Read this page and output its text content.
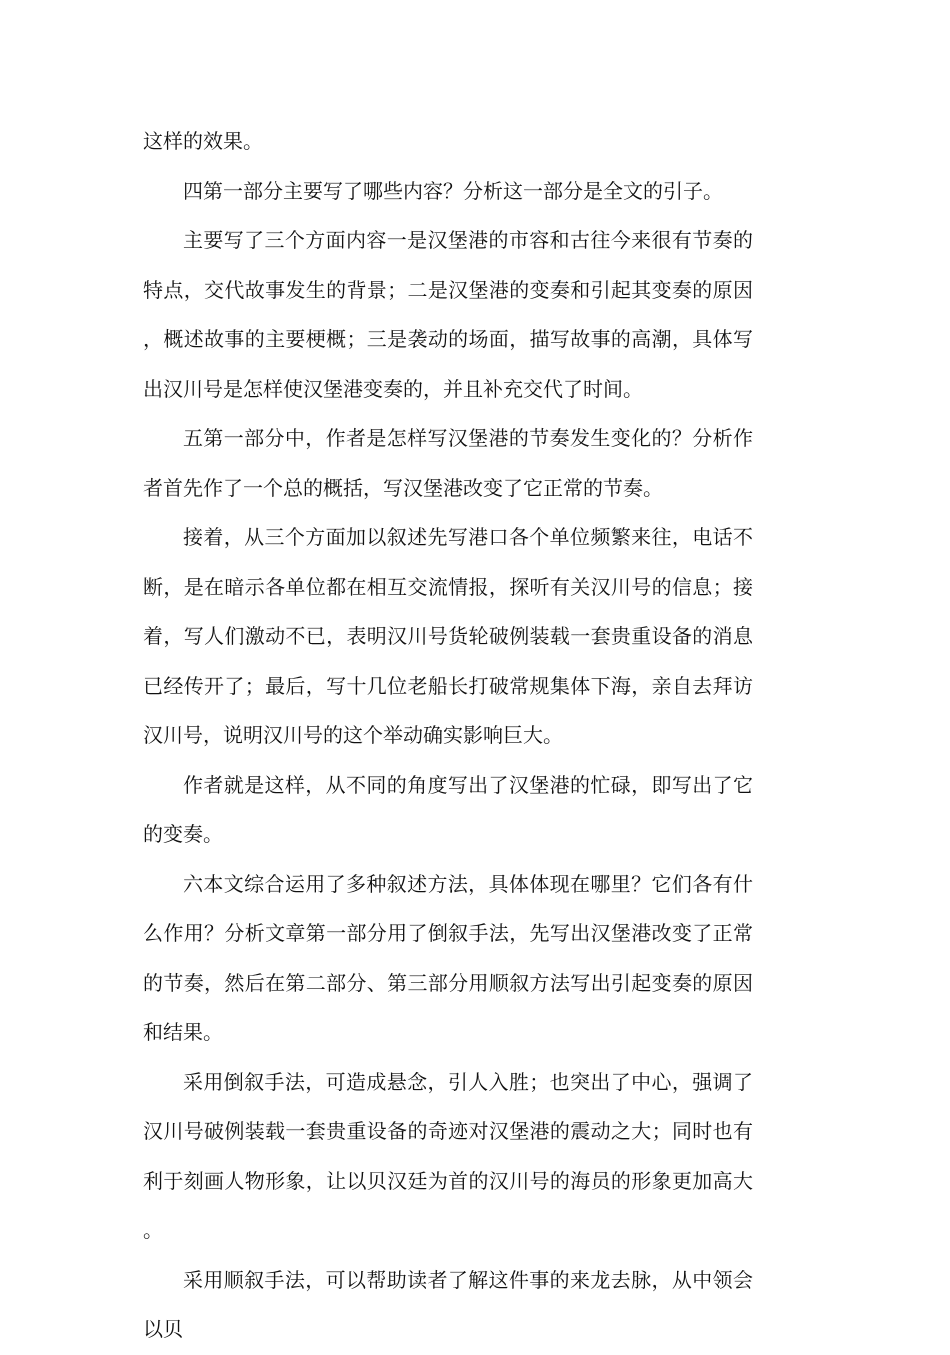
这样的效果。

四第一部分主要写了哪些内容？分析这一部分是全文的引子。

主要写了三个方面内容一是汉堡港的市容和古往今来很有节奏的特点，交代故事发生的背景；二是汉堡港的变奏和引起其变奏的原因，概述故事的主要梗概；三是袭动的场面，描写故事的高潮，具体写出汉川号是怎样使汉堡港变奏的，并且补充交代了时间。

五第一部分中，作者是怎样写汉堡港的节奏发生变化的？分析作者首先作了一个总的概括，写汉堡港改变了它正常的节奏。

接着，从三个方面加以叙述先写港口各个单位频繁来往，电话不断，是在暗示各单位都在相互交流情报，探听有关汉川号的信息；接着，写人们激动不已，表明汉川号货轮破例装载一套贵重设备的消息已经传开了；最后，写十几位老船长打破常规集体下海，亲自去拜访汉川号，说明汉川号的这个举动确实影响巨大。

作者就是这样，从不同的角度写出了汉堡港的忙碌，即写出了它的变奏。

六本文综合运用了多种叙述方法，具体体现在哪里？它们各有什么作用？分析文章第一部分用了倒叙手法，先写出汉堡港改变了正常的节奏，然后在第二部分、第三部分用顺叙方法写出引起变奏的原因和结果。

采用倒叙手法，可造成悬念，引人入胜；也突出了中心，强调了汉川号破例装载一套贵重设备的奇迹对汉堡港的震动之大；同时也有利于刻画人物形象，让以贝汉廷为首的汉川号的海员的形象更加高大。

采用顺叙手法，可以帮助读者了解这件事的来龙去脉，从中领会以贝
